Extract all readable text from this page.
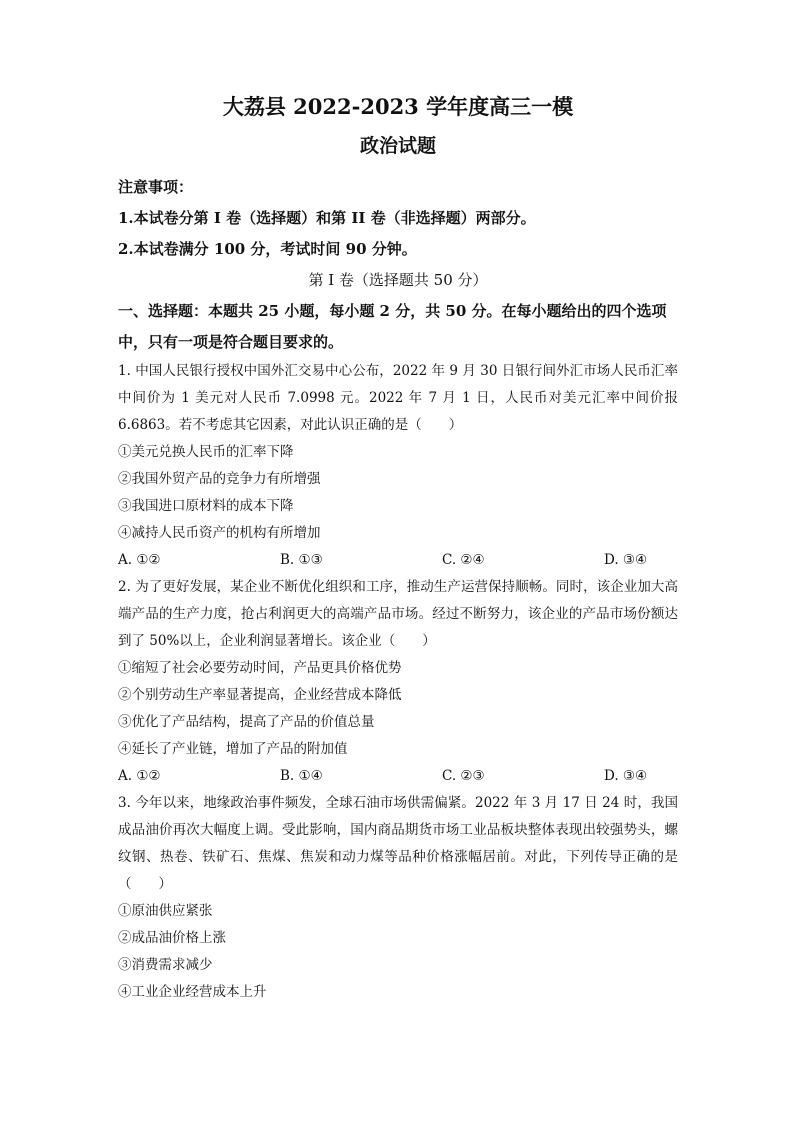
大荔县 2022-2023 学年度高三一模
政治试题
注意事项：
1.本试卷分第 I 卷（选择题）和第 II 卷（非选择题）两部分。
2.本试卷满分 100 分，考试时间 90 分钟。
第 I 卷（选择题共 50 分）
一、选择题：本题共 25 小题，每小题 2 分，共 50 分。在每小题给出的四个选项中，只有一项是符合题目要求的。
1. 中国人民银行授权中国外汇交易中心公布，2022 年 9 月 30 日银行间外汇市场人民币汇率中间价为 1 美元对人民币 7.0998 元。2022 年 7 月 1 日，人民币对美元汇率中间价报 6.6863。若不考虑其它因素，对此认识正确的是（　　）
①美元兑换人民币的汇率下降
②我国外贸产品的竞争力有所增强
③我国进口原材料的成本下降
④减持人民币资产的机构有所增加
A. ①②	B. ①③	C. ②④	D. ③④
2. 为了更好发展，某企业不断优化组织和工序，推动生产运营保持顺畅。同时，该企业加大高端产品的生产力度，抢占利润更大的高端产品市场。经过不断努力，该企业的产品市场份额达到了 50%以上，企业利润显著增长。该企业（　　）
①缩短了社会必要劳动时间，产品更具价格优势
②个别劳动生产率显著提高，企业经营成本降低
③优化了产品结构，提高了产品的价值总量
④延长了产业链，增加了产品的附加值
A. ①②	B. ①④	C. ②③	D. ③④
3. 今年以来，地缘政治事件频发，全球石油市场供需偏紧。2022 年 3 月 17 日 24 时，我国成品油价再次大幅度上调。受此影响，国内商品期货市场工业品板块整体表现出较强势头，螺纹钢、热卷、铁矿石、焦煤、焦炭和动力煤等品种价格涨幅居前。对此，下列传导正确的是（　　）
①原油供应紧张
②成品油价格上涨
③消费需求减少
④工业企业经营成本上升
